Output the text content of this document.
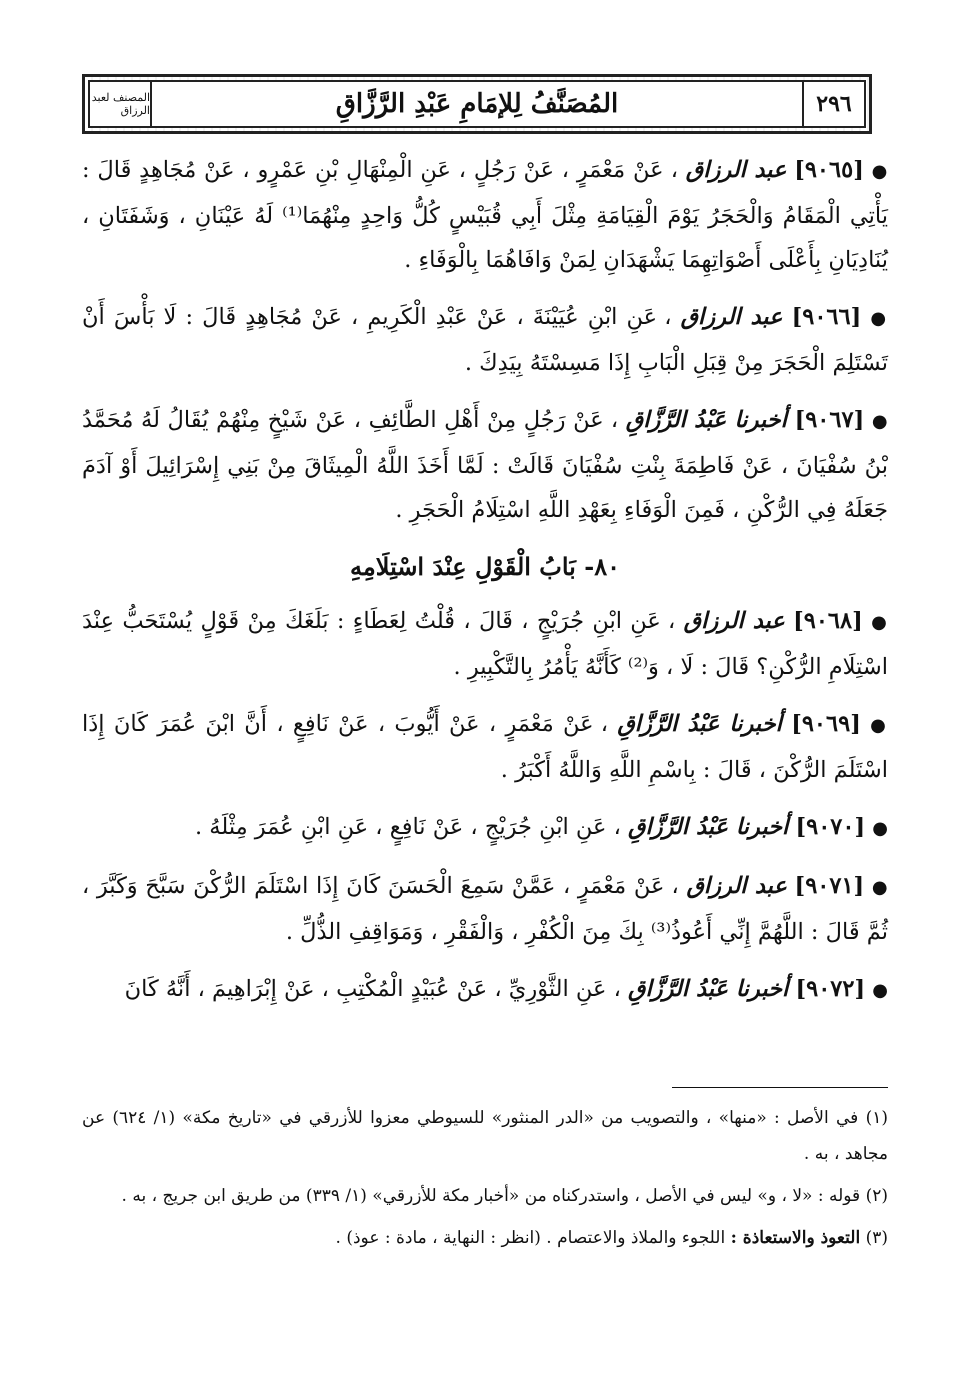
المصنف لعبد الرزاق	المُصَنَّفُ لِلإمَامِ عَبْدِ الرَّزَّاقِ	٢٩٦

● [٩٠٦٥] عبد الرزاق ، عَنْ مَعْمَرٍ ، عَنْ رَجُلٍ ، عَنِ الْمِنْهَالِ بْنِ عَمْرٍو ، عَنْ مُجَاهِدٍ قَالَ : يَأْتِي الْمَقَامُ وَالْحَجَرُ يَوْمَ الْقِيَامَةِ مِثْلَ أَبِي قُبَيْسٍ كُلُّ وَاحِدٍ مِنْهُمَا⁽¹⁾ لَهُ عَيْنَانِ ، وَشَفَتَانِ ، يُنَادِيَانِ بِأَعْلَى أَصْوَاتِهِمَا يَشْهَدَانِ لِمَنْ وَافَاهُمَا بِالْوَفَاءِ .

● [٩٠٦٦] عبد الرزاق ، عَنِ ابْنِ عُيَيْنَةَ ، عَنْ عَبْدِ الْكَرِيمِ ، عَنْ مُجَاهِدٍ قَالَ : لَا بَأْسَ أَنْ تَسْتَلِمَ الْحَجَرَ مِنْ قِبَلِ الْبَابِ إِذَا مَسِسْتَهُ بِيَدِكَ .

● [٩٠٦٧] أخبرنا عَبْدُ الرَّزَّاقِ ، عَنْ رَجُلٍ مِنْ أَهْلِ الطَّائِفِ ، عَنْ شَيْخٍ مِنْهُمْ يُقَالُ لَهُ مُحَمَّدُ بْنُ سُفْيَانَ ، عَنْ فَاطِمَةَ بِنْتِ سُفْيَانَ قَالَتْ : لَمَّا أَخَذَ اللَّهُ الْمِيثَاقَ مِنْ بَنِي إِسْرَائِيلَ أَوْ آدَمَ جَعَلَهُ فِي الرُّكْنِ ، فَمِنَ الْوَفَاءِ بِعَهْدِ اللَّهِ اسْتِلَامُ الْحَجَرِ .

٨٠- بَابُ الْقَوْلِ عِنْدَ اسْتِلَامِهِ

● [٩٠٦٨] عبد الرزاق ، عَنِ ابْنِ جُرَيْجٍ ، قَالَ ، قُلْتُ لِعَطَاءٍ : بَلَغَكَ مِنْ قَوْلٍ يُسْتَحَبُّ عِنْدَ اسْتِلَامِ الرُّكْنِ؟ قَالَ : لَا ، وَ⁽²⁾ كَأَنَّهُ يَأْمُرُ بِالتَّكْبِيرِ .

● [٩٠٦٩] أخبرنا عَبْدُ الرَّزَّاقِ ، عَنْ مَعْمَرٍ ، عَنْ أَيُّوبَ ، عَنْ نَافِعٍ ، أَنَّ ابْنَ عُمَرَ كَانَ إِذَا اسْتَلَمَ الرُّكْنَ ، قَالَ : بِاسْمِ اللَّهِ وَاللَّهُ أَكْبَرُ .

● [٩٠٧٠] أخبرنا عَبْدُ الرَّزَّاقِ ، عَنِ ابْنِ جُرَيْجٍ ، عَنْ نَافِعٍ ، عَنِ ابْنِ عُمَرَ مِثْلَهُ .

● [٩٠٧١] عبد الرزاق ، عَنْ مَعْمَرٍ ، عَمَّنْ سَمِعَ الْحَسَنَ كَانَ إِذَا اسْتَلَمَ الرُّكْنَ سَبَّحَ وَكَبَّرَ ، ثُمَّ قَالَ : اللَّهُمَّ إِنِّي أَعُوذُ⁽³⁾ بِكَ مِنَ الْكُفْرِ ، وَالْفَقْرِ ، وَمَوَاقِفِ الذُّلِّ .

● [٩٠٧٢] أخبرنا عَبْدُ الرَّزَّاقِ ، عَنِ الثَّوْرِيِّ ، عَنْ عُبَيْدٍ الْمُكْتِبِ ، عَنْ إِبْرَاهِيمَ ، أَنَّهُ كَانَ

(١) في الأصل : «منها» ، والتصويب من «الدر المنثور» للسيوطي معزوا للأزرقي في «تاريخ مكة» (١/ ٦٢٤) عن مجاهد ، به .

(٢) قوله : «لا ، و» ليس في الأصل ، واستدركناه من «أخبار مكة للأزرقي» (١/ ٣٣٩) من طريق ابن جريج ، به .

(٣) التعوذ والاستعاذة : اللجوء والملاذ والاعتصام . (انظر : النهاية ، مادة : عوذ) .
